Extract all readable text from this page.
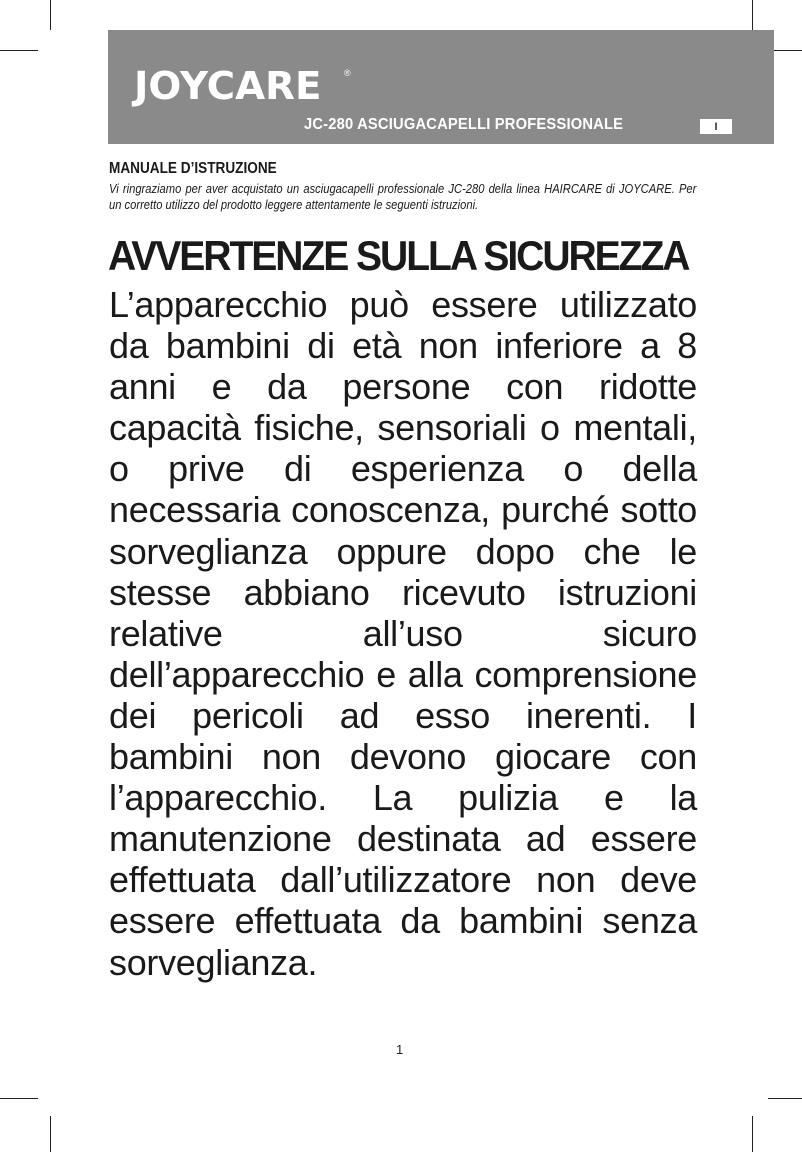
JOYCARE	®
JC-280 ASCIUGACAPELLI PROFESSIONALE	I
MANUALE D’ISTRUZIONE
Vi ringraziamo per aver acquistato un asciugacapelli professionale JC-280 della linea HAIRCARE di JOYCARE. Per un corretto utilizzo del prodotto leggere attentamente le seguenti istruzioni.
AVVERTENZE SULLA SICUREZZA
L’apparecchio può essere utilizzato da bambini di età non inferiore a 8 anni e da persone con ridotte capacità fisiche, sensoriali o mentali, o prive di esperienza o della necessaria conoscenza, purché sotto sorveglianza oppure dopo che le stesse abbiano ricevuto istruzioni relative all’uso sicuro dell’apparecchio e alla comprensione dei pericoli ad esso inerenti. I bambini non devono giocare con l’apparecchio. La pulizia e la manutenzione destinata ad essere effettuata dall’utilizzatore non deve essere effettuata da bambini senza sorveglianza.
1
